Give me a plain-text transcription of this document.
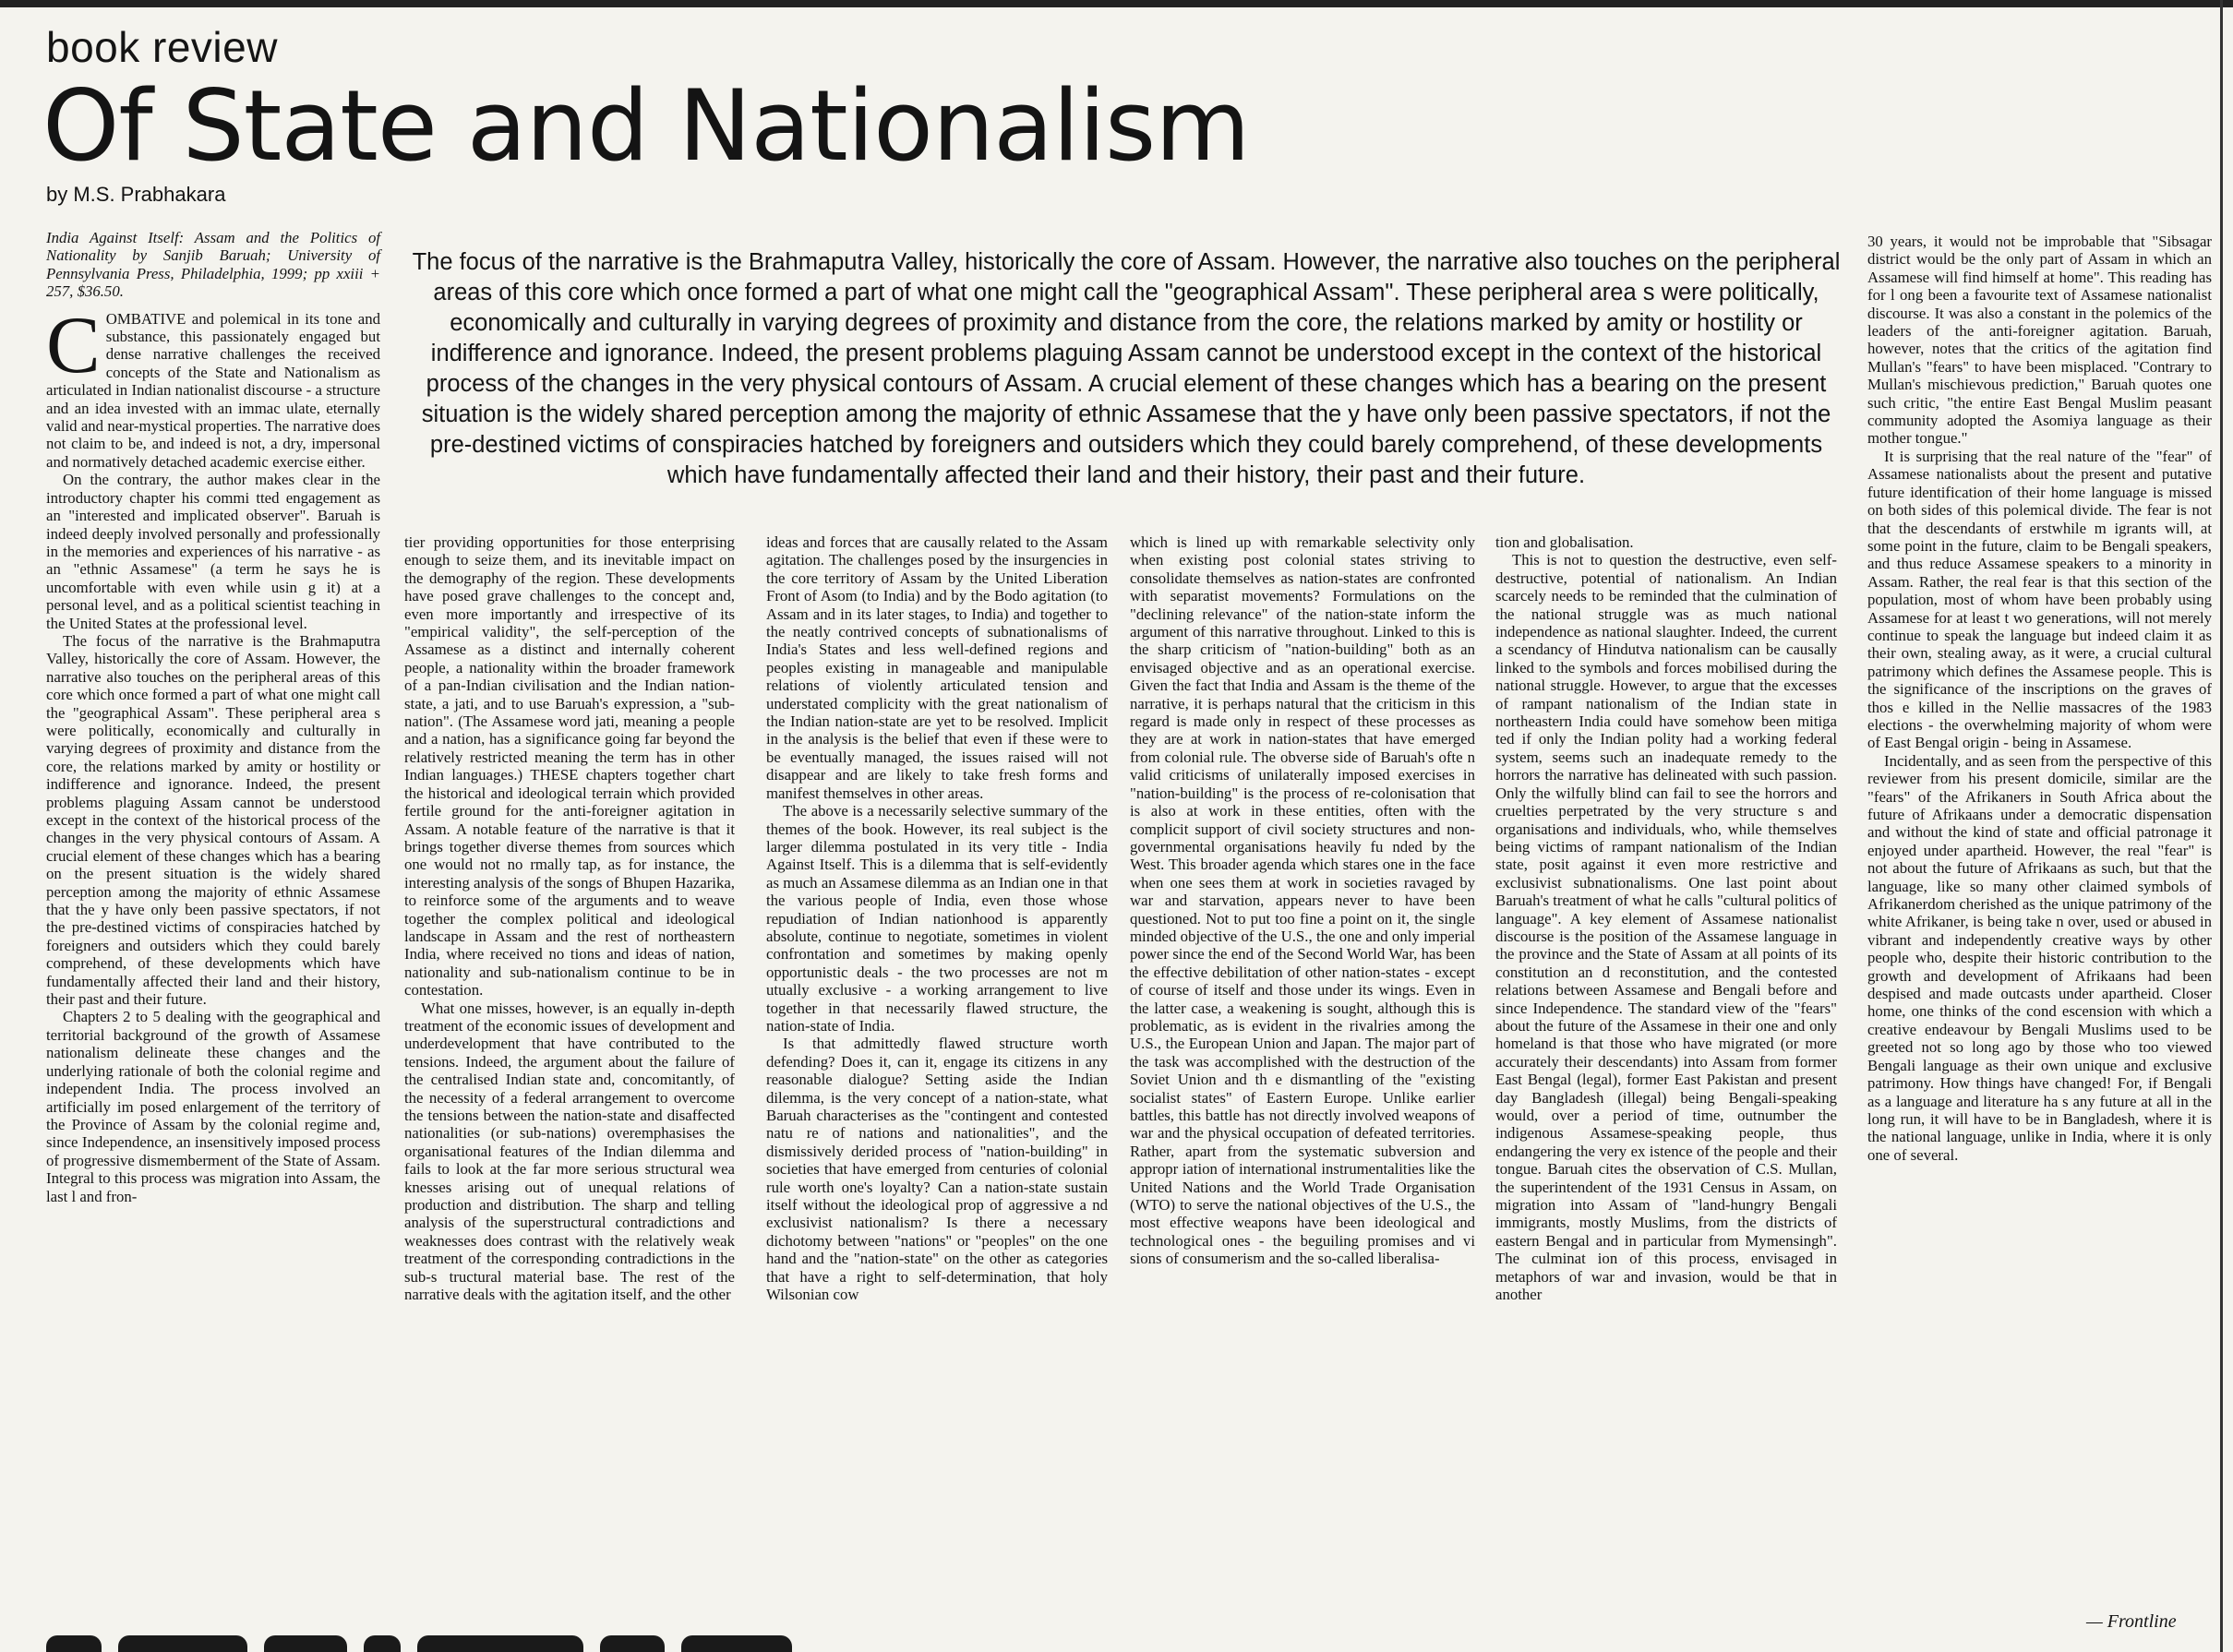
book review
Of State and Nationalism
by M.S. Prabhakara
The focus of the narrative is the Brahmaputra Valley, historically the core of Assam. However, the narrative also touches on the peripheral areas of this core which once formed a part of what one might call the "geographical Assam". These peripheral area s were politically, economically and culturally in varying degrees of proximity and distance from the core, the relations marked by amity or hostility or indifference and ignorance. Indeed, the present problems plaguing Assam cannot be understood except in the context of the historical process of the changes in the very physical contours of Assam. A crucial element of these changes which has a bearing on the present situation is the widely shared perception among the majority of ethnic Assamese that the y have only been passive spectators, if not the pre-destined victims of conspiracies hatched by foreigners and outsiders which they could barely comprehend, of these developments which have fundamentally affected their land and their history, their past and their future.

India Against Itself: Assam and the Politics of Nationality by Sanjib Baruah; University of Pennsylvania Press, Philadelphia, 1999; pp xxiii + 257, $36.50.

COMBATIVE and polemical in its tone and substance, this passionately engaged but dense narrative challenges the received concepts of the State and Nationalism as articulated in Indian nationalist discourse - a structure and an idea invested with an immac ulate, eternally valid and near-mystical properties. The narrative does not claim to be, and indeed is not, a dry, impersonal and normatively detached academic exercise either.

On the contrary, the author makes clear in the introductory chapter his commi tted engagement as an "interested and implicated observer". Baruah is indeed deeply involved personally and professionally in the memories and experiences of his narrative - as an "ethnic Assamese" (a term he says he is uncomfortable with even while usin g it) at a personal level, and as a political scientist teaching in the United States at the professional level.

The focus of the narrative is the Brahmaputra Valley, historically the core of Assam. However, the narrative also touches on the peripheral areas of this core which once formed a part of what one might call the "geographical Assam". These peripheral area s were politically, economically and culturally in varying degrees of proximity and distance from the core, the relations marked by amity or hostility or indifference and ignorance. Indeed, the present problems plaguing Assam cannot be understood except in the context of the historical process of the changes in the very physical contours of Assam. A crucial element of these changes which has a bearing on the present situation is the widely shared perception among the majority of ethnic Assamese that the y have only been passive spectators, if not the pre-destined victims of conspiracies hatched by foreigners and outsiders which they could barely comprehend, of these developments which have fundamentally affected their land and their history, their past and their future.

Chapters 2 to 5 dealing with the geographical and territorial background of the growth of Assamese nationalism delineate these changes and the underlying rationale of both the colonial regime and independent India. The process involved an artificially im posed enlargement of the territory of the Province of Assam by the colonial regime and, since Independence, an insensitively imposed process of progressive dismemberment of the State of Assam. Integral to this process was migration into Assam, the last l and fron-

tier providing opportunities for those enterprising enough to seize them, and its inevitable impact on the demography of the region. These developments have posed grave challenges to the concept and, even more importantly and irrespective of its "empirical validity", the self-perception of the Assamese as a distinct and internally coherent people, a nationality within the broader framework of a pan-Indian civilisation and the Indian nation-state, a jati, and to use Baruah's expression, a "sub-nation". (The Assamese word jati, meaning a people and a nation, has a significance going far beyond the relatively restricted meaning the term has in other Indian languages.) THESE chapters together chart the historical and ideological terrain which provided fertile ground for the anti-foreigner agitation in Assam. A notable feature of the narrative is that it brings together diverse themes from sources which one would not no rmally tap, as for instance, the interesting analysis of the songs of Bhupen Hazarika, to reinforce some of the arguments and to weave together the complex political and ideological landscape in Assam and the rest of northeastern India, where received no tions and ideas of nation, nationality and sub-nationalism continue to be in contestation.

What one misses, however, is an equally in-depth treatment of the economic issues of development and underdevelopment that have contributed to the tensions. Indeed, the argument about the failure of the centralised Indian state and, concomitantly, of the necessity of a federal arrangement to overcome the tensions between the nation-state and disaffected nationalities (or sub-nations) overemphasises the organisational features of the Indian dilemma and fails to look at the far more serious structural wea knesses arising out of unequal relations of production and distribution. The sharp and telling analysis of the superstructural contradictions and weaknesses does contrast with the relatively weak treatment of the corresponding contradictions in the sub-s tructural material base. The rest of the narrative deals with the agitation itself, and the other

ideas and forces that are causally related to the Assam agitation. The challenges posed by the insurgencies in the core territory of Assam by the United Liberation Front of Asom (to India) and by the Bodo agitation (to Assam and in its later stages, to India) and together to the neatly contrived concepts of subnationalisms of India's States and less well-defined regions and peoples existing in manageable and manipulable relations of violently articulated tension and understated complicity with the great nationalism of the Indian nation-state are yet to be resolved. Implicit in the analysis is the belief that even if these were to be eventually managed, the issues raised will not disappear and are likely to take fresh forms and manifest themselves in other areas.

The above is a necessarily selective summary of the themes of the book. However, its real subject is the larger dilemma postulated in its very title - India Against Itself. This is a dilemma that is self-evidently as much an Assamese dilemma as an Indian one in that the various people of India, even those whose repudiation of Indian nationhood is apparently absolute, continue to negotiate, sometimes in violent confrontation and sometimes by making openly opportunistic deals - the two processes are not m utually exclusive - a working arrangement to live together in that necessarily flawed structure, the nation-state of India.

Is that admittedly flawed structure worth defending? Does it, can it, engage its citizens in any reasonable dialogue? Setting aside the Indian dilemma, is the very concept of a nation-state, what Baruah characterises as the "contingent and contested natu re of nations and nationalities", and the dismissively derided process of "nation-building" in societies that have emerged from centuries of colonial rule worth one's loyalty? Can a nation-state sustain itself without the ideological prop of aggressive a nd exclusivist nationalism? Is there a necessary dichotomy between "nations" or "peoples" on the one hand and the "nation-state" on the other as categories that have a right to self-determination, that holy Wilsonian cow

which is lined up with remarkable selectivity only when existing post colonial states striving to consolidate themselves as nation-states are confronted with separatist movements? Formulations on the "declining relevance" of the nation-state inform the argument of this narrative throughout. Linked to this is the sharp criticism of "nation-building" both as an envisaged objective and as an operational exercise. Given the fact that India and Assam is the theme of the narrative, it is perhaps natural that the criticism in this regard is made only in respect of these processes as they are at work in nation-states that have emerged from colonial rule. The obverse side of Baruah's ofte n valid criticisms of unilaterally imposed exercises in "nation-building" is the process of re-colonisation that is also at work in these entities, often with the complicit support of civil society structures and non-governmental organisations heavily fu nded by the West. This broader agenda which stares one in the face when one sees them at work in societies ravaged by war and starvation, appears never to have been questioned. Not to put too fine a point on it, the single minded objective of the U.S., the one and only imperial power since the end of the Second World War, has been the effective debilitation of other nation-states - except of course of itself and those under its wings. Even in the latter case, a weakening is sought, although this is problematic, as is evident in the rivalries among the U.S., the European Union and Japan. The major part of the task was accomplished with the destruction of the Soviet Union and th e dismantling of the "existing socialist states" of Eastern Europe. Unlike earlier battles, this battle has not directly involved weapons of war and the physical occupation of defeated territories. Rather, apart from the systematic subversion and appropr iation of international instrumentalities like the United Nations and the World Trade Organisation (WTO) to serve the national objectives of the U.S., the most effective weapons have been ideological and technological ones - the beguiling promises and vi sions of consumerism and the so-called liberalisa-

tion and globalisation.

This is not to question the destructive, even self-destructive, potential of nationalism. An Indian scarcely needs to be reminded that the culmination of the national struggle was as much national independence as national slaughter. Indeed, the current a scendancy of Hindutva nationalism can be causally linked to the symbols and forces mobilised during the national struggle. However, to argue that the excesses of rampant nationalism of the Indian state in northeastern India could have somehow been mitiga ted if only the Indian polity had a working federal system, seems such an inadequate remedy to the horrors the narrative has delineated with such passion. Only the wilfully blind can fail to see the horrors and cruelties perpetrated by the very structure s and organisations and individuals, who, while themselves being victims of rampant nationalism of the Indian state, posit against it even more restrictive and exclusivist subnationalisms. One last point about Baruah's treatment of what he calls "cultural politics of language". A key element of Assamese nationalist discourse is the position of the Assamese language in the province and the State of Assam at all points of its constitution an d reconstitution, and the contested relations between Assamese and Bengali before and since Independence. The standard view of the "fears" about the future of the Assamese in their one and only homeland is that those who have migrated (or more accurately their descendants) into Assam from former East Bengal (legal), former East Pakistan and present day Bangladesh (illegal) being Bengali-speaking would, over a period of time, outnumber the indigenous Assamese-speaking people, thus endangering the very ex istence of the people and their tongue. Baruah cites the observation of C.S. Mullan, the superintendent of the 1931 Census in Assam, on migration into Assam of "land-hungry Bengali immigrants, mostly Muslims, from the districts of eastern Bengal and in particular from Mymensingh". The culminat ion of this process, envisaged in metaphors of war and invasion, would be that in another

30 years, it would not be improbable that "Sibsagar district would be the only part of Assam in which an Assamese will find himself at home". This reading has for l ong been a favourite text of Assamese nationalist discourse. It was also a constant in the polemics of the leaders of the anti-foreigner agitation. Baruah, however, notes that the critics of the agitation find Mullan's "fears" to have been misplaced. "Contrary to Mullan's mischievous prediction," Baruah quotes one such critic, "the entire East Bengal Muslim peasant community adopted the Asomiya language as their mother tongue."

It is surprising that the real nature of the "fear" of Assamese nationalists about the present and putative future identification of their home language is missed on both sides of this polemical divide. The fear is not that the descendants of erstwhile m igrants will, at some point in the future, claim to be Bengali speakers, and thus reduce Assamese speakers to a minority in Assam. Rather, the real fear is that this section of the population, most of whom have been probably using Assamese for at least t wo generations, will not merely continue to speak the language but indeed claim it as their own, stealing away, as it were, a crucial cultural patrimony which defines the Assamese people. This is the significance of the inscriptions on the graves of thos e killed in the Nellie massacres of the 1983 elections - the overwhelming majority of whom were of East Bengal origin - being in Assamese.

Incidentally, and as seen from the perspective of this reviewer from his present domicile, similar are the "fears" of the Afrikaners in South Africa about the future of Afrikaans under a democratic dispensation and without the kind of state and official patronage it enjoyed under apartheid. However, the real "fear" is not about the future of Afrikaans as such, but that the language, like so many other claimed symbols of Afrikanerdom cherished as the unique patrimony of the white Afrikaner, is being take n over, used or abused in vibrant and independently creative ways by other people who, despite their historic contribution to the growth and development of Afrikaans had been despised and made outcasts under apartheid. Closer home, one thinks of the cond escension with which a creative endeavour by Bengali Muslims used to be greeted not so long ago by those who too viewed Bengali language as their own unique and exclusive patrimony. How things have changed! For, if Bengali as a language and literature ha s any future at all in the long run, it will have to be in Bangladesh, where it is the national language, unlike in India, where it is only one of several.

— Frontline
